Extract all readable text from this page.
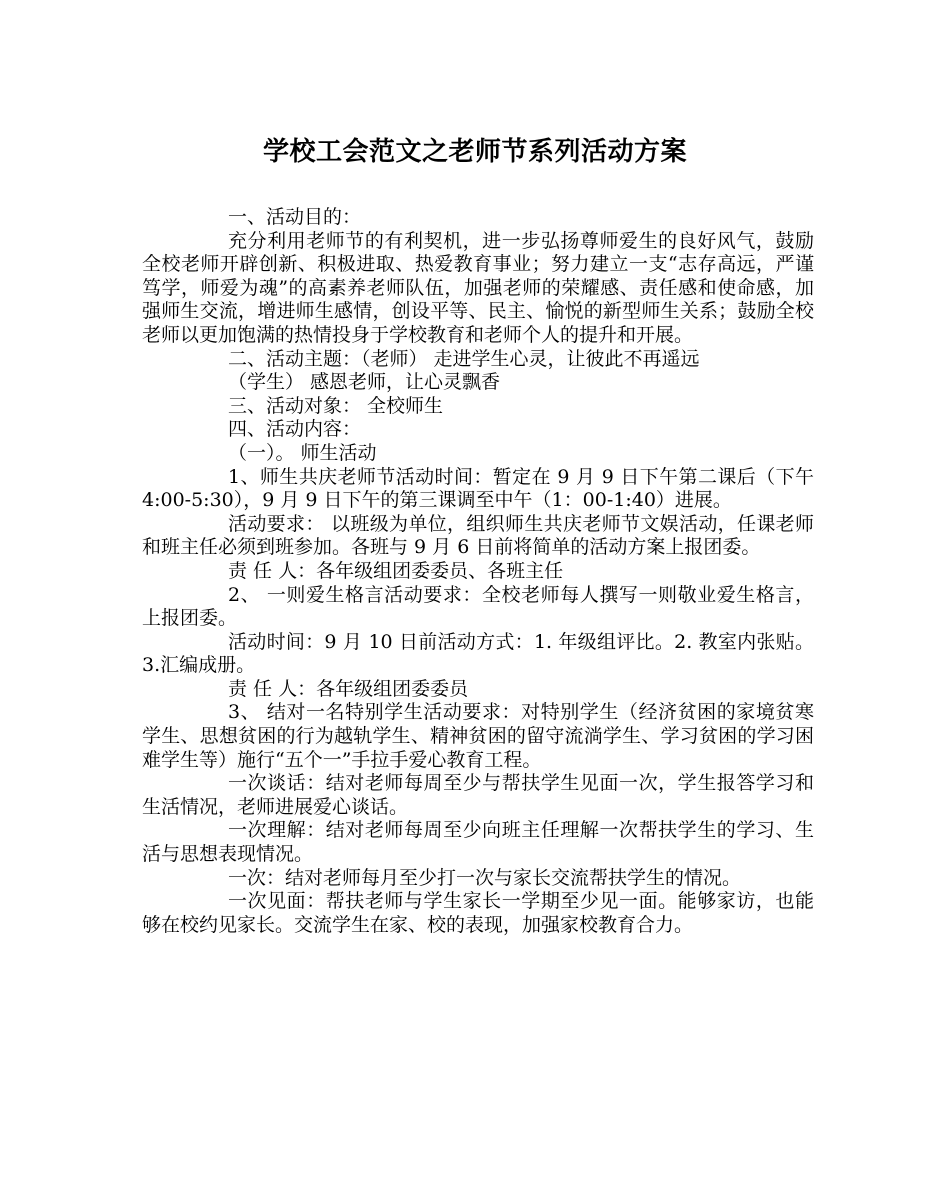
学校工会范文之老师节系列活动方案

一、活动目的：

充分利用老师节的有利契机，进一步弘扬尊师爱生的良好风气，鼓励全校老师开辟创新、积极进取、热爱教育事业；努力建立一支“志存高远，严谨笃学，师爱为魂”的高素养老师队伍，加强老师的荣耀感、责任感和使命感，加强师生交流，增进师生感情，创设平等、民主、愉悦的新型师生关系；鼓励全校老师以更加饱满的热情投身于学校教育和老师个人的提升和开展。

二、活动主题：（老师） 走进学生心灵，让彼此不再遥远

（学生） 感恩老师，让心灵飘香

三、活动对象： 全校师生

四、活动内容：

（一）。 师生活动

1、师生共庆老师节活动时间：暂定在 9 月 9 日下午第二课后（下午 4:00-5:30），9 月 9 日下午的第三课调至中午（1：00-1:40）进展。

活动要求： 以班级为单位，组织师生共庆老师节文娱活动，任课老师和班主任必须到班参加。各班与 9 月 6 日前将简单的活动方案上报团委。

责 任 人：各年级组团委委员、各班主任

2、 一则爱生格言活动要求：全校老师每人撰写一则敬业爱生格言，上报团委。

活动时间：9 月 10 日前活动方式：1. 年级组评比。2. 教室内张贴。3.汇编成册。

责 任 人：各年级组团委委员

3、 结对一名特别学生活动要求：对特别学生（经济贫困的家境贫寒学生、思想贫困的行为越轨学生、精神贫困的留守流淌学生、学习贫困的学习困难学生等）施行“五个一”手拉手爱心教育工程。

一次谈话：结对老师每周至少与帮扶学生见面一次，学生报答学习和生活情况，老师进展爱心谈话。

一次理解：结对老师每周至少向班主任理解一次帮扶学生的学习、生活与思想表现情况。

一次：结对老师每月至少打一次与家长交流帮扶学生的情况。

一次见面：帮扶老师与学生家长一学期至少见一面。能够家访，也能够在校约见家长。交流学生在家、校的表现，加强家校教育合力。
